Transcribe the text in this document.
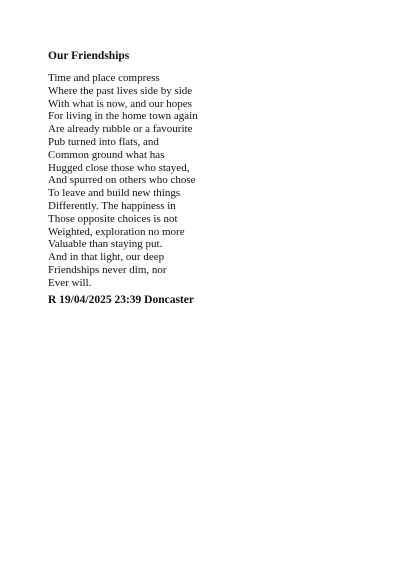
Our Friendships
Time and place compress
Where the past lives side by side
With what is now, and our hopes
For living in the home town again
Are already rubble or a favourite
Pub turned into flats, and
Common ground what has
Hugged close those who stayed,
And spurred on others who chose
To leave and build new things
Differently. The happiness in
Those opposite choices is not
Weighted, exploration no more
Valuable than staying put.
And in that light, our deep
Friendships never dim, nor
Ever will.
R 19/04/2025 23:39 Doncaster
